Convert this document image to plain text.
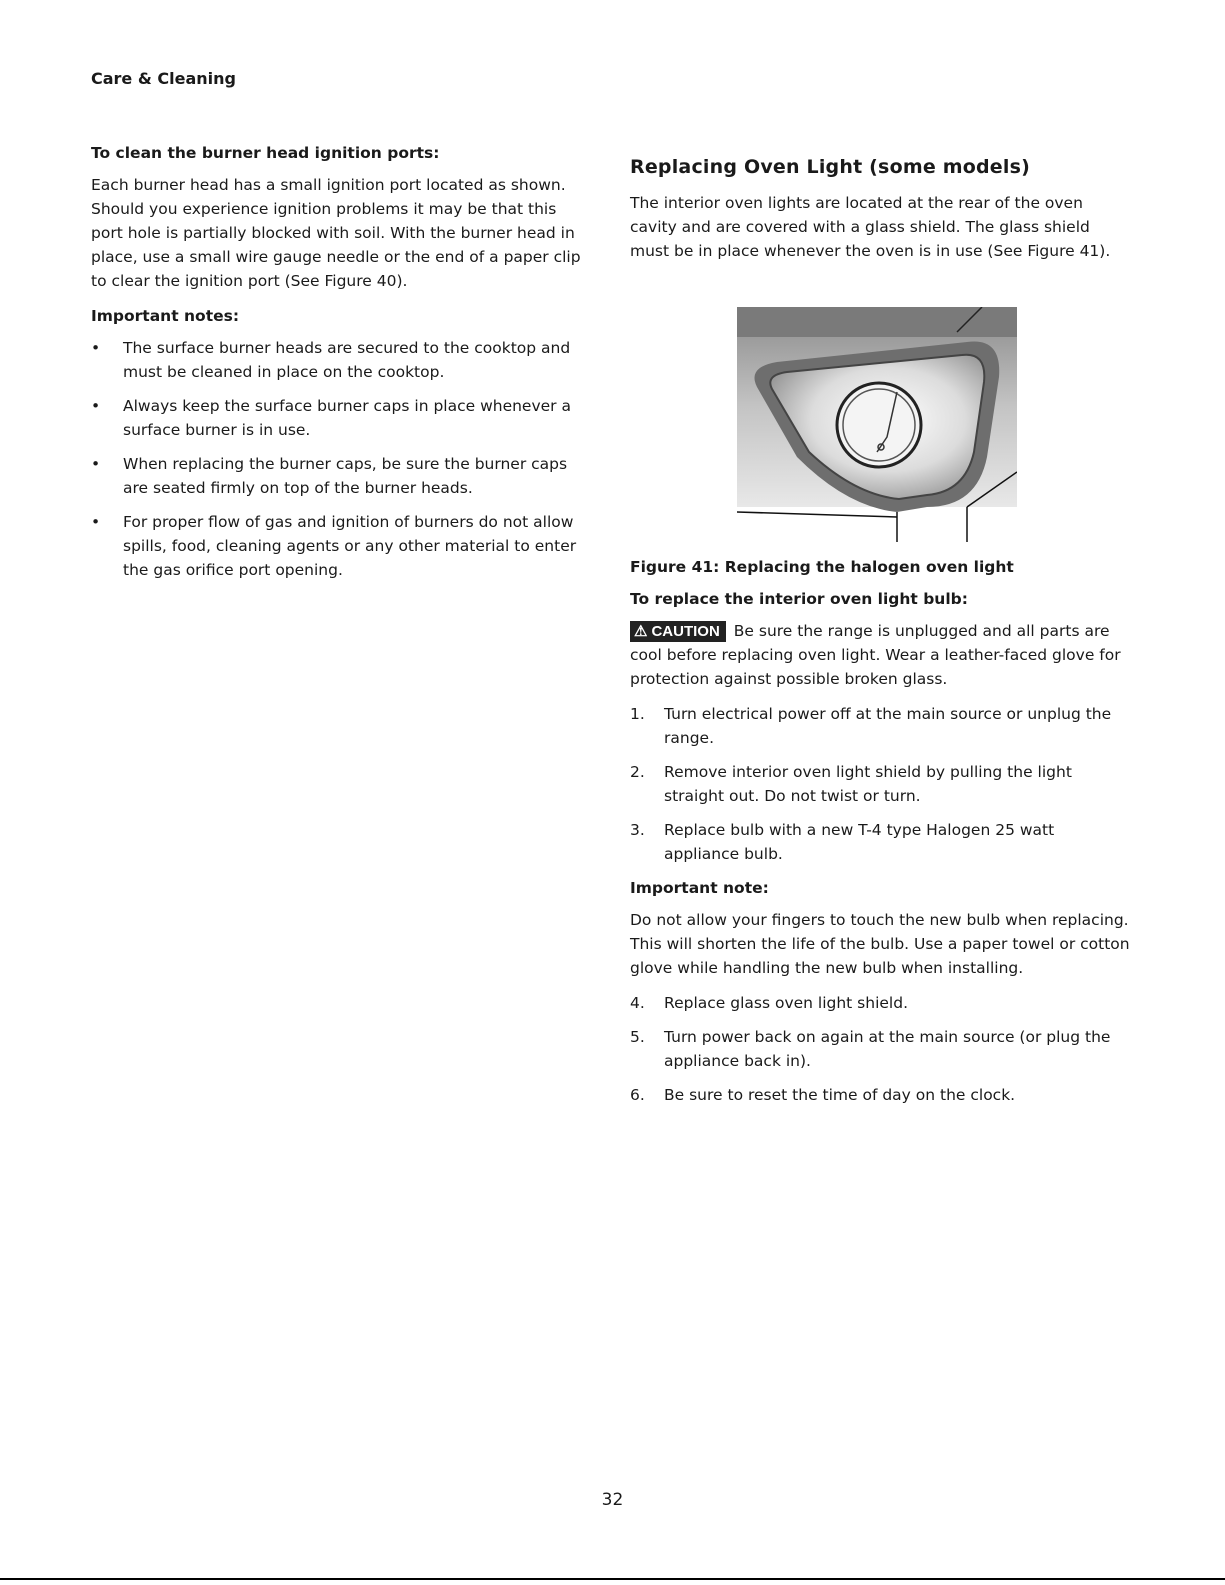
Care & Cleaning
To clean the burner head ignition ports:

Each burner head has a small ignition port located as shown. Should you experience ignition problems it may be that this port hole is partially blocked with soil. With the burner head in place, use a small wire gauge needle or the end of a paper clip to clear the ignition port (See Figure 40).

Important notes:
• The surface burner heads are secured to the cooktop and must be cleaned in place on the cooktop.
• Always keep the surface burner caps in place whenever a surface burner is in use.
• When replacing the burner caps, be sure the burner caps are seated firmly on top of the burner heads.
• For proper flow of gas and ignition of burners do not allow spills, food, cleaning agents or any other material to enter the gas orifice port opening.
Replacing Oven Light (some models)

The interior oven lights are located at the rear of the oven cavity and are covered with a glass shield. The glass shield must be in place whenever the oven is in use (See Figure 41).

Figure 41: Replacing the halogen oven light
To replace the interior oven light bulb:

⚠ CAUTION Be sure the range is unplugged and all parts are cool before replacing oven light. Wear a leather-faced glove for protection against possible broken glass.

1. Turn electrical power off at the main source or unplug the range.
2. Remove interior oven light shield by pulling the light straight out. Do not twist or turn.
3. Replace bulb with a new T-4 type Halogen 25 watt appliance bulb.
Important note:

Do not allow your fingers to touch the new bulb when replacing. This will shorten the life of the bulb. Use a paper towel or cotton glove while handling the new bulb when installing.

4. Replace glass oven light shield.
5. Turn power back on again at the main source (or plug the appliance back in).
6. Be sure to reset the time of day on the clock.
32
